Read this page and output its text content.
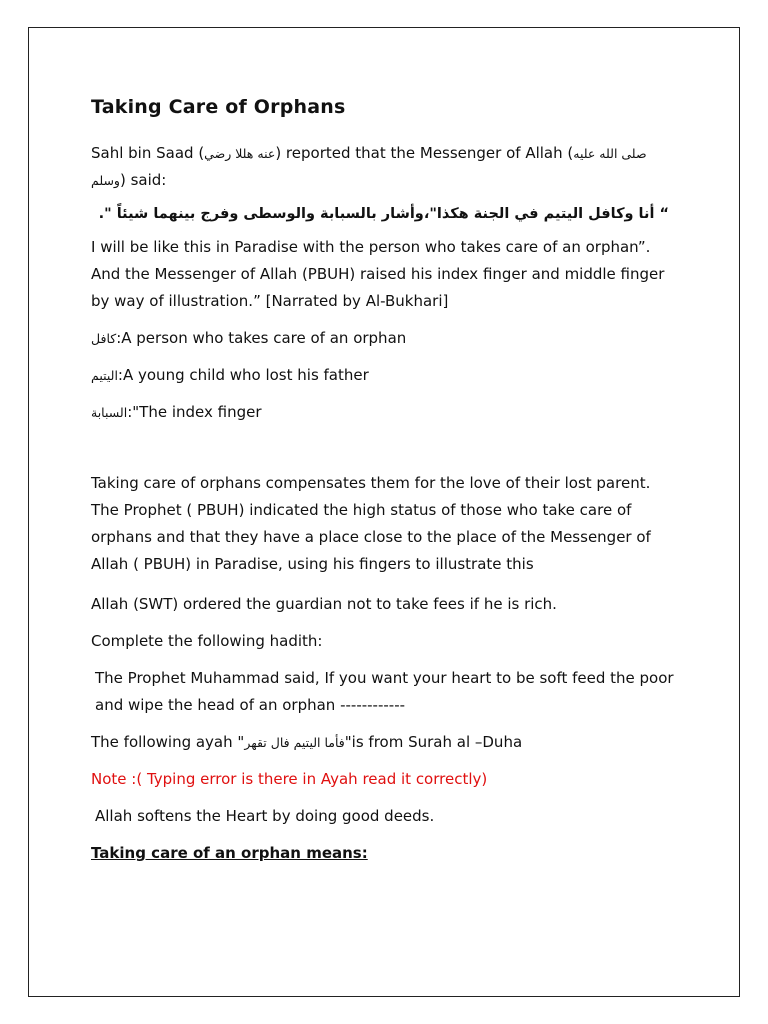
Taking Care of Orphans

Sahl bin Saad (عنه هللا رضي) reported that the Messenger of Allah (صلى الله عليه وسلم) said:

“ أنا وكافل اليتيم في الجنة هكذا"،وأشار بالسبابة والوسطى وفرج بينهما شيئاً ".

I will be like this in Paradise with the person who takes care of an orphan”. And the Messenger of Allah (PBUH) raised his index finger and middle finger by way of illustration.” [Narrated by Al-Bukhari]

كافل:A person who takes care of an orphan

اليتيم:A young child who lost his father

السبابة:"The index finger

Taking care of orphans compensates them for the love of their lost parent. The Prophet ( PBUH) indicated the high status of those who take care of orphans and that they have a place close to the place of the Messenger of Allah ( PBUH) in Paradise, using his fingers to illustrate this

Allah (SWT) ordered the guardian not to take fees if he is rich.

Complete the following hadith:

The Prophet Muhammad said, If you want your heart to be soft feed the poor and wipe the head of an orphan ------------

The following ayah "فأما اليتيم فال تقهر"is from Surah al –Duha

Note :( Typing error is there in Ayah read it correctly)

Allah softens the Heart by doing good deeds.

Taking care of an orphan means:
